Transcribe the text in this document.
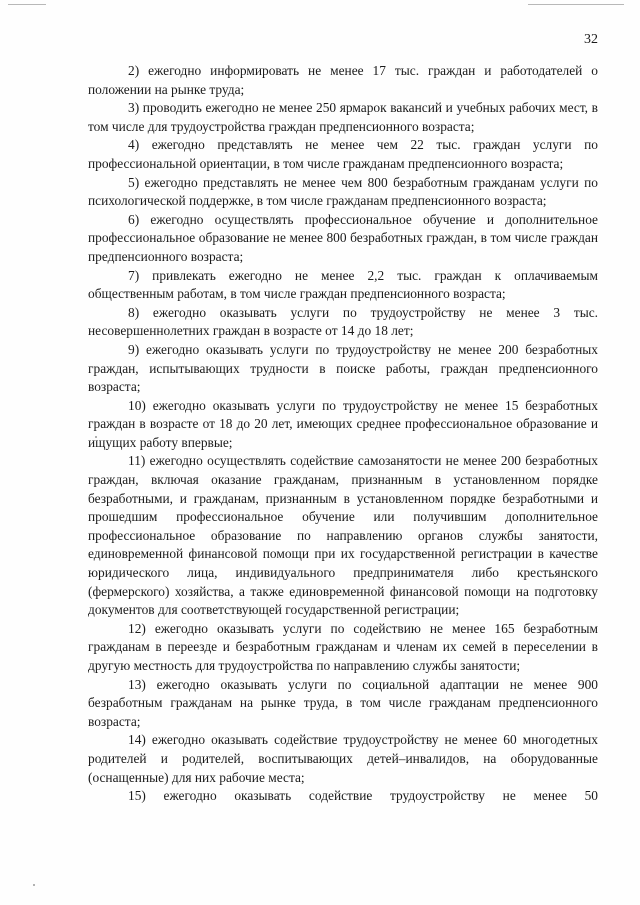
32

2) ежегодно информировать не менее 17 тыс. граждан и работодателей о положении на рынке труда;

3) проводить ежегодно не менее 250 ярмарок вакансий и учебных рабочих мест, в том числе для трудоустройства граждан предпенсионного возраста;

4) ежегодно представлять не менее чем 22 тыс. граждан услуги по профессиональной ориентации, в том числе гражданам предпенсионного возраста;

5) ежегодно представлять не менее чем 800 безработным гражданам услуги по психологической поддержке, в том числе гражданам предпенсионного возраста;

6) ежегодно осуществлять профессиональное обучение и дополнительное профессиональное образование не менее 800 безработных граждан, в том числе граждан предпенсионного возраста;

7) привлекать ежегодно не менее 2,2 тыс. граждан к оплачиваемым общественным работам, в том числе граждан предпенсионного возраста;

8) ежегодно оказывать услуги по трудоустройству не менее 3 тыс. несовершеннолетних граждан в возрасте от 14 до 18 лет;

9) ежегодно оказывать услуги по трудоустройству не менее 200 безработных граждан, испытывающих трудности в поиске работы, граждан предпенсионного возраста;

10) ежегодно оказывать услуги по трудоустройству не менее 15 безработных граждан в возрасте от 18 до 20 лет, имеющих среднее профессиональное образование и ищущих работу впервые;

11) ежегодно осуществлять содействие самозанятости не менее 200 безработных граждан, включая оказание гражданам, признанным в установленном порядке безработными, и гражданам, признанным в установленном порядке безработными и прошедшим профессиональное обучение или получившим дополнительное профессиональное образование по направлению органов службы занятости, единовременной финансовой помощи при их государственной регистрации в качестве юридического лица, индивидуального предпринимателя либо крестьянского (фермерского) хозяйства, а также единовременной финансовой помощи на подготовку документов для соответствующей государственной регистрации;

12) ежегодно оказывать услуги по содействию не менее 165 безработным гражданам в переезде и безработным гражданам и членам их семей в переселении в другую местность для трудоустройства по направлению службы занятости;

13) ежегодно оказывать услуги по социальной адаптации не менее 900 безработным гражданам на рынке труда, в том числе гражданам предпенсионного возраста;

14) ежегодно оказывать содействие трудоустройству не менее 60 многодетных родителей и родителей, воспитывающих детей–инвалидов, на оборудованные (оснащенные) для них рабочие места;

15) ежегодно оказывать содействие трудоустройству не менее 50
